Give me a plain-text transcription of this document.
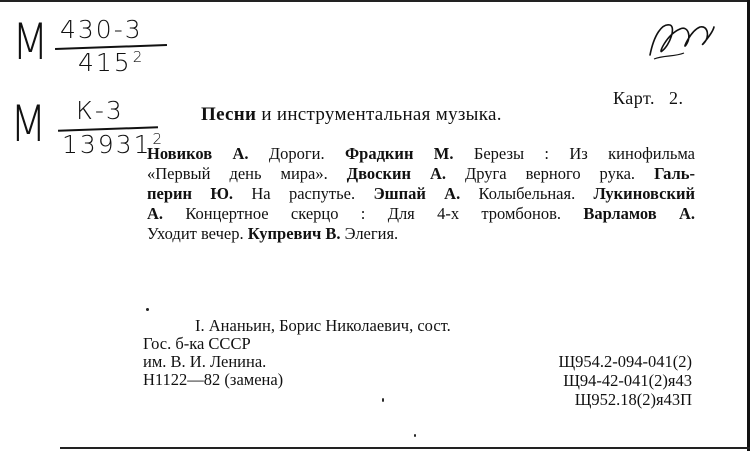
М 430-3
$415^2$
М К-3
13931$^2$
Карт. 2.
Песни и инструментальная музыка.
Новиков А. Дороги. Фрадкин М. Березы : Из кинофильма
«Первый день мира». Двоскин А. Друга верного рука. Галь-
перин Ю. На распутье. Эшпай А. Колыбельная. Лукиновский
А. Концертное скерцо : Для 4-х тромбонов. Варламов А.
Уходит вечер. Купревич В. Элегия.
I. Ананьин, Борис Николаевич, сост.
Гос. б-ка СССР
им. В. И. Ленина.
Н1122—82 (замена)
Щ954.2-094-041(2)
Щ94-42-041(2)я43
Щ952.18(2)я43П
